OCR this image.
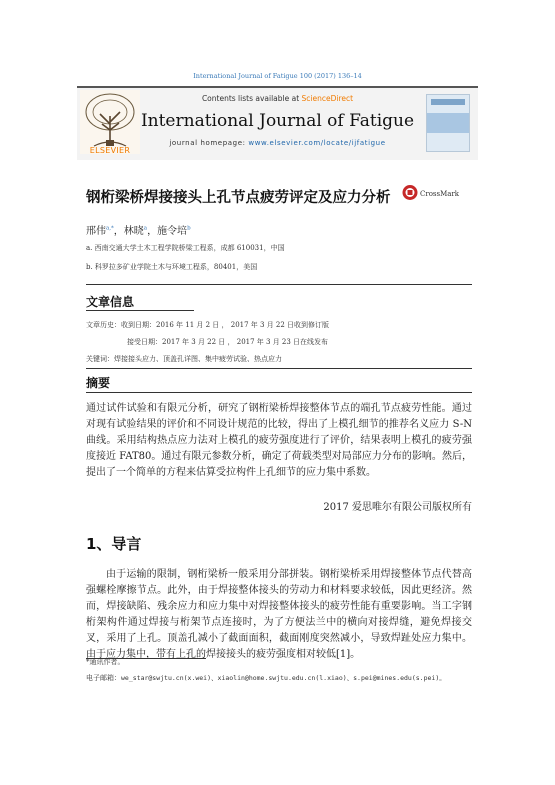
International Journal of Fatigue 100 (2017) 136–14
Contents lists available at ScienceDirect
International Journal of Fatigue
journal homepage: www.elsevier.com/locate/ijfatigue
ELSEVIER
钢桁梁桥焊接接头上孔节点疲劳评定及应力分析	CrossMark
邢伟$^{a,*}$，林晓$^a$，施令培$^b$
a. 西南交通大学土木工程学院桥梁工程系，成都 610031，中国
b. 科罗拉多矿业学院土木与环境工程系，80401，美国
文章信息
文章历史：收到日期：2016 年 11 月 2 日 ， 2017 年 3 月 22 日收到修订版
接受日期：2017 年 3 月 22 日 ， 2017 年 3 月 23 日在线发布
关键词：焊接接头应力、顶盖孔详图、集中疲劳试验、热点应力
摘要
通过试件试验和有限元分析，研究了钢桁梁桥焊接整体节点的端孔节点疲劳性能。通过对现有试验结果的评价和不同设计规范的比较，得出了上模孔细节的推荐名义应力 S-N 曲线。采用结构热点应力法对上模孔的疲劳强度进行了评价，结果表明上模孔的疲劳强度接近 FAT80。通过有限元参数分析，确定了荷载类型对局部应力分布的影响。然后，提出了一个简单的方程来估算受拉构件上孔细节的应力集中系数。
2017 爱思唯尔有限公司版权所有
1、导言
由于运输的限制，钢桁梁桥一般采用分部拼装。钢桁梁桥采用焊接整体节点代替高强螺栓摩擦节点。此外，由于焊接整体接头的劳动力和材料要求较低，因此更经济。然而，焊接缺陷、残余应力和应力集中对焊接整体接头的疲劳性能有重要影响。当工字钢桁架构件通过焊接与桁架节点连接时，为了方便法兰中的横向对接焊缝，避免焊接交叉，采用了上孔。顶盖孔减小了截面面积，截面刚度突然减小，导致焊趾处应力集中。由于应力集中，带有上孔的焊接接头的疲劳强度相对较低[1]。
*通讯作者。
电子邮箱：we_star@swjtu.cn(x.wei)、xiaolin@home.swjtu.edu.cn(l.xiao)、s.pei@mines.edu(s.pei)。
